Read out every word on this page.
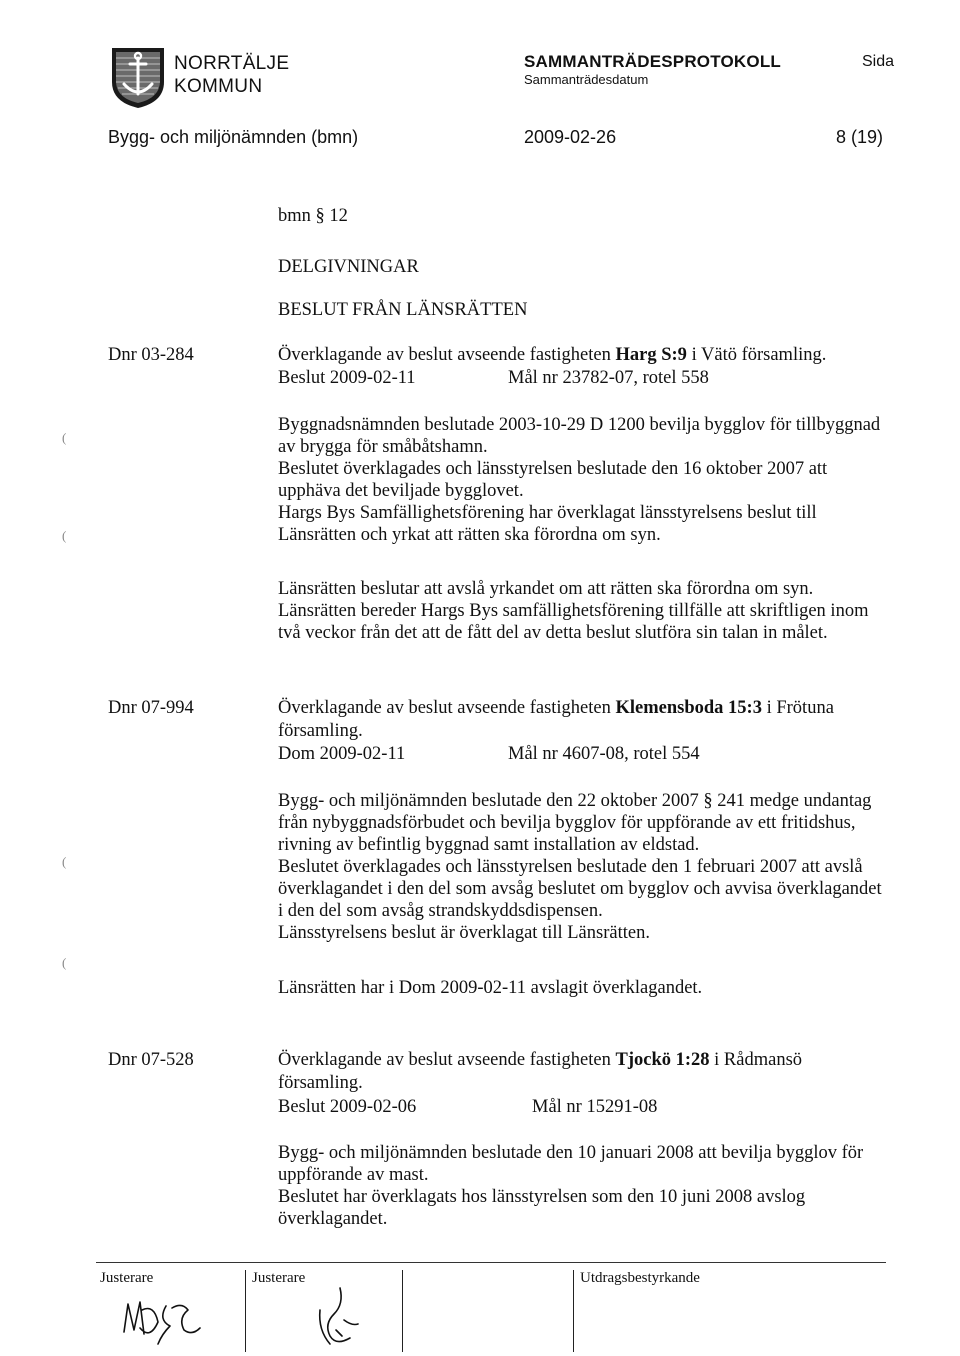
NORRTÄLJE
KOMMUN
SAMMANTRÄDESPROTOKOLL
Sammanträdesdatum
Sida
Bygg- och miljönämnden (bmn)	2009-02-26	8 (19)
bmn § 12
DELGIVNINGAR
BESLUT FRÅN LÄNSRÄTTEN
Dnr 03-284	Överklagande av beslut avseende fastigheten Harg S:9 i Vätö församling.
Beslut 2009-02-11	Mål nr 23782-07, rotel 558
Byggnadsnämnden beslutade 2003-10-29 D 1200 bevilja bygglov för tillbyggnad
av brygga för småbåtshamn.
Beslutet överklagades och länsstyrelsen beslutade den 16 oktober 2007 att
upphäva det beviljade bygglovet.
Hargs Bys Samfällighetsförening har överklagat länsstyrelsens beslut till
Länsrätten och yrkat att rätten ska förordna om syn.
Länsrätten beslutar att avslå yrkandet om att rätten ska förordna om syn.
Länsrätten bereder Hargs Bys samfällighetsförening tillfälle att skriftligen inom
två veckor från det att de fått del av detta beslut slutföra sin talan in målet.
Dnr 07-994	Överklagande av beslut avseende fastigheten Klemensboda 15:3 i Frötuna
församling.
Dom 2009-02-11	Mål nr 4607-08, rotel 554
Bygg- och miljönämnden beslutade den 22 oktober 2007 § 241 medge undantag
från nybyggnadsförbudet och bevilja bygglov för uppförande av ett fritidshus,
rivning av befintlig byggnad samt installation av eldstad.
Beslutet överklagades och länsstyrelsen beslutade den 1 februari 2007 att avslå
överklagandet i den del som avsåg beslutet om bygglov och avvisa överklagandet
i den del som avsåg strandskyddsdispensen.
Länsstyrelsens beslut är överklagat till Länsrätten.
Länsrätten har i Dom 2009-02-11 avslagit överklagandet.
Dnr 07-528	Överklagande av beslut avseende fastigheten Tjockö 1:28 i Rådmansö
församling.
Beslut 2009-02-06	Mål nr 15291-08
Bygg- och miljönämnden beslutade den 10 januari 2008 att bevilja bygglov för
uppförande av mast.
Beslutet har överklagats hos länsstyrelsen som den 10 juni 2008 avslog
överklagandet.
(
(
(
(
Justerare	Justerare	Utdragsbestyrkande
